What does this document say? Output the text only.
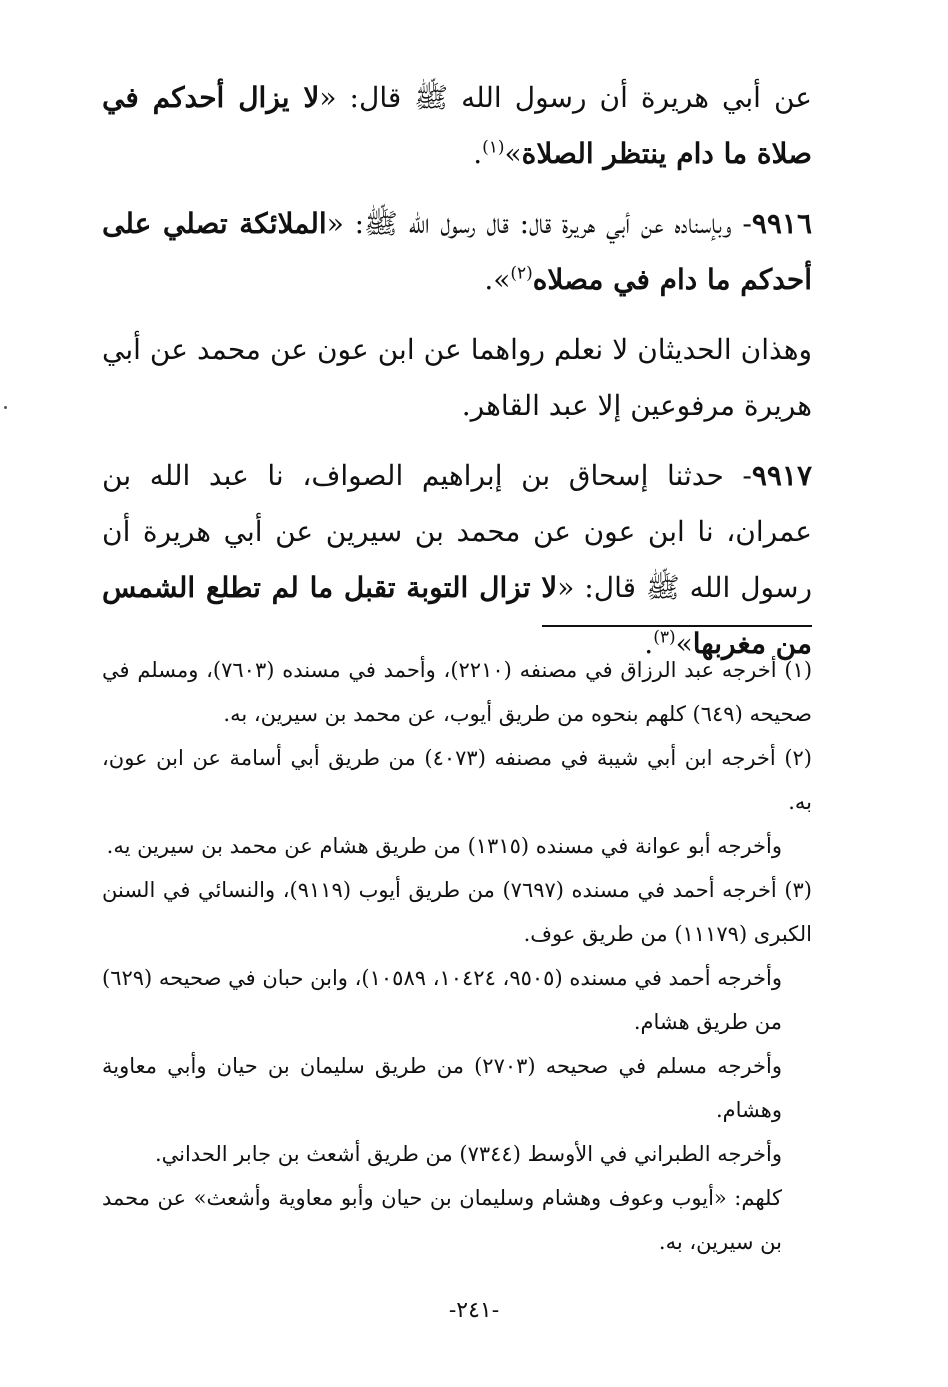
عن أبي هريرة أن رسول الله ﷺ قال: «لا يزال أحدكم في صلاة ما دام ينتظر الصلاة»$^{(١)}$.

٩٩١٦- وبإسناده عن أبي هريرة قال: قال رسول الله ﷺ: «الملائكة تصلي على أحدكم ما دام في مصلاه$^{(٢)}$».

وهذان الحديثان لا نعلم رواهما عن ابن عون عن محمد عن أبي هريرة مرفوعين إلا عبد القاهر.

٩٩١٧- حدثنا إسحاق بن إبراهيم الصواف، نا عبد الله بن عمران، نا ابن عون عن محمد بن سيرين عن أبي هريرة أن رسول الله ﷺ قال: «لا تزال التوبة تقبل ما لم تطلع الشمس من مغربها»$^{(٣)}$.

(١) أخرجه عبد الرزاق في مصنفه (٢٢١٠)، وأحمد في مسنده (٧٦٠٣)، ومسلم في صحيحه (٦٤٩) كلهم بنحوه من طريق أيوب، عن محمد بن سيرين، به.

(٢) أخرجه ابن أبي شيبة في مصنفه (٤٠٧٣) من طريق أبي أسامة عن ابن عون، به.

وأخرجه أبو عوانة في مسنده (١٣١٥) من طريق هشام عن محمد بن سيرين يه.

(٣) أخرجه أحمد في مسنده (٧٦٩٧) من طريق أيوب (٩١١٩)، والنسائي في السنن الكبرى (١١١٧٩) من طريق عوف.

وأخرجه أحمد في مسنده (٩٥٠٥، ١٠٤٢٤، ١٠٥٨٩)، وابن حبان في صحيحه (٦٢٩) من طريق هشام.

وأخرجه مسلم في صحيحه (٢٧٠٣) من طريق سليمان بن حيان وأبي معاوية وهشام.

وأخرجه الطبراني في الأوسط (٧٣٤٤) من طريق أشعث بن جابر الحداني.

كلهم: «أيوب وعوف وهشام وسليمان بن حيان وأبو معاوية وأشعث» عن محمد بن سيرين، به.

-٢٤١-
